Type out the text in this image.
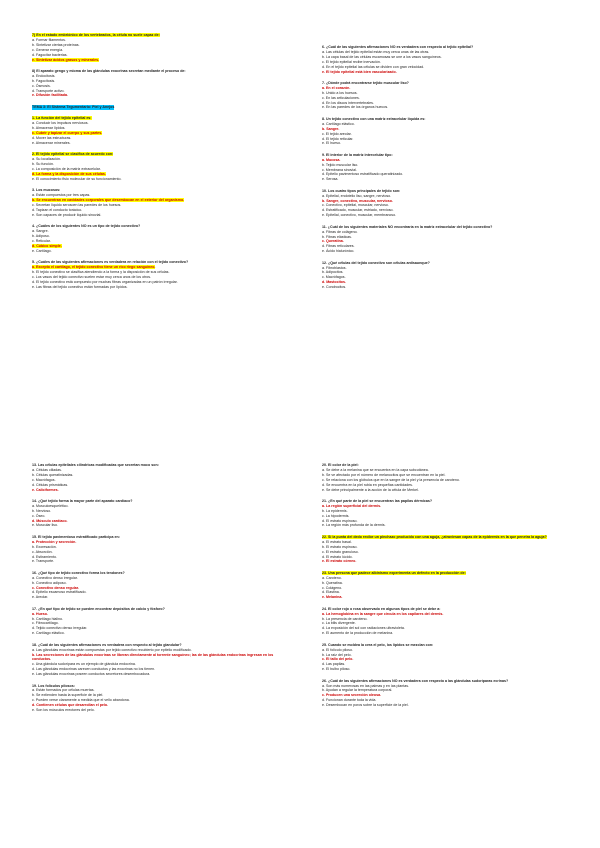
7) En el estado embriónico de los vertebrados, la célula no suele capaz de:
a. Formar filamentos.
b. Sintetizar ciertas proteínas.
c. Generar energía.
d. Fagocitar bacterias.
e. Sintetizar ácidos grasos y minerales.
8) El aparato gengo y mioma de las glándulas exocrinas secretan mediante el proceso de:
a. Endocitosis.
b. Fagocitosis.
c. Ósmosis.
d. Transporte activo.
e. Difusión facilitada.
TEMA 3: El Sistema Tegumentario: Piel y Anejos
1. La función del tejido epitelial es:
a. Conducir los impulsos nerviosos.
b. Almacenar lípidos.
c. Cubrir y tapizar el cuerpo y sus partes.
d. Mover las estructuras.
e. Almacenar minerales.
2. El tejido epitelial se clasifica de acuerdo con:
a. Su localización.
b. Su función.
c. La composición de la matriz extracelular.
d. La forma y la disposición de sus células.
e. El conocimiento fisio molecular de su funcionamiento.
3. Los mucosos:
a. Están compuestos por tres capas.
b. Se encuentran en cavidades corporales que desembocan en el exterior del organismo.
c. Secretan líquido serosoen las paredes de los huesos.
d. Tapizan el conducto torácico.
e. Son capaces de producir líquido sinovial.
4. ¿Cuáles de los siguientes NO es un tipo de tejido conectivo?
a. Sangre.
b. Adiposo.
c. Reticular.
d. Cúbico simple.
e. Cartílago.
5. ¿Cuáles de las siguientes afirmaciones es verdadera en relación con el tejido conectivo?
a. Excepto el cartílago, el tejido conectivo tiene un rico riego sanguíneo.
b. El tejido conectivo se clasifica atendiendo a la forma y la disposición de sus células.
c. Los vasos del tejido conectivo suelen estar muy cerca unos de los otros.
d. El tejido conectivo está compuesto por muchas fibras organizadas en un patrón irregular.
e. Las fibras del tejido conectivo están formadas por lípidos.
6. ¿Cuál de las siguientes afirmaciones NO es verdadera con respecto al tejido epitelial?
a. Las células del tejido epitelial están muy cerca unas de las otras.
b. La capa basal de las células escamosas se une a los vasos sanguíneos.
c. El tejido epitelial recibe inervación.
d. En el tejido epitelial las células se dividen con gran velocidad.
e. El tejido epitelial está bien vascularizado.
7. ¿Dónde podrá encontrarse tejido muscular liso?
a. En el corazón.
b. Unido a los huesos.
c. En las articulaciones.
d. En los discos intervertebrales.
e. En las paredes de los órganos huecos.
8. Un tejido conectivo con una matriz extracelular líquida es:
a. Cartílago elástico.
b. Sangre.
c. El tejido areolar.
d. El tejido reticular.
e. El hueso.
9. El interior de la matriz intercelular tipo:
a. Mucosa.
b. Tejido muscular liso.
c. Membrana sinovial.
d. Epitelio pavimentoso estratificado queratinizado.
e. Serosa.
10. Los cuatro tipos principales de tejido son:
a. Epitelial, endotelio liso, sangre, nervioso.
b. Sangre, conectivo, muscular, nervioso.
c. Conectivo, epitelial, muscular, nervioso.
d. Estratificado, muscular, estriado, nervioso.
e. Epitelial, conectivo, muscular, membranoso.
11. ¿Cuál de los siguientes materiales NO encontraría en la matriz extracelular del tejido conectivo?
a. Fibras de colágeno.
b. Fibras elásticas.
c. Queratina.
d. Fibras reticulares.
e. Ácido hialurónico.
12. ¿Qué células del tejido conectivo son células antisaunque?
a. Fibroblastos.
b. Adipocitos.
c. Macrófagos.
d. Mastocitos.
e. Condrocitos.
13. Las células epiteliales cilíndricas modificadas que secretan moco son:
a. Células ciliadas.
b. Células queratinizadas.
c. Macrófagos.
d. Células prismáticas.
e. Caliciformes.
14. ¿Qué tejido forma la mayor parte del aparato cardíaco?
a. Musculoesquelético.
b. Nervioso.
c. Óseo.
d. Músculo cardíaco.
e. Muscular liso.
15. El tejido pavimentoso estratificado participa en:
a. Protección y secreción.
b. Exoresación.
c. Absorción.
d. Estiramiento.
e. Transporte.
16. ¿Qué tipo de tejido conectivo forma los tendones?
a. Conectivo denso irregular.
b. Conectivo adiposo.
c. Conectivo denso regular.
d. Epitelio escamoso estratificado.
e. Areolar.
17. ¿En qué tipo de tejido se pueden encontrar depósitos de calcio y fósforo?
a. Hueso.
b. Cartílago hialino.
c. Fibrocartílago.
d. Tejido conectivo denso irregular.
e. Cartílago elástico.
18. ¿Cuál de las siguientes afirmaciones es verdadera con respecto al tejido glandular?
a. Las glándulas exocrinas están compuestas por tejido conectivo recubierto por epitelio modificado.
b. Las secreciones de las glándulas exocrinas se liberan directamente al torrente sanguíneo; las de las glándulas endocrinas ingresan en los conductos.
c. Una glándula sudorípara es un ejemplo de glándula endocrina.
d. Las glándulas endocrinas carecen conductos y las exocrinas no los tienen.
e. Las glándulas exocrinas poseen conductos secretores desembocadura.
19. Los folículos pilosos:
a. Están formados por células muertas.
b. Se extienden hasta la superficie de la piel.
c. Pueden verse claramente a medida que el vello abandona.
d. Contienen células que desarrollan el pelo.
e. Son los músculos erectores del pelo.
20. El color de la piel:
a. Se debe a la melanina que se encuentra en la capa subcutánea.
b. Se ve afectado por el número de melanocitos que se encuentran en la piel.
c. Se relaciona con los glóbulos que en la sangre de la piel y la presencia de caroteno.
d. Se encuentra en la piel rubia en pequeñas cantidades.
e. Se debe principalmente a la acción de la célula de Merkel.
21. ¿En qué parte de la piel se encuentran las papilas dérmicas?
a. La región superficial del dermis.
b. La epidermis.
c. La hipodermis.
d. El estrato espinoso.
e. La región más profunda de la dermis.
22. Si la punta del dedo recibe un pinchazo producido con una aguja, ¿atraviesan capas de la epidermis en la que penetra la aguja?
a. El estrato basal.
b. El estrato espinoso.
c. El estrato granuloso.
d. El estrato lúcido.
e. El estrato córneo.
23. Una persona que padece albinismo experimenta un defecto en la producción de:
a. Caroteno.
b. Queratina.
c. Colágeno.
d. Elastina.
e. Melanina.
24. El color rojo o rosa observado en algunos tipos de piel se debe a:
a. La hemoglobina en la sangre que circula en los capilares del dermis.
b. La presencia de caroteno.
c. La bilis divergente.
d. La exposición del sol con radiaciones ultravioleta.
e. El aumento de la producción de melanina.
25. Cuando se moldea la cera el pelo, los lípidos se mezclan con:
a. El folículo piloso.
b. La raíz del pelo.
c. El tallo del pelo.
d. Las papilas.
e. El bulbo piloso.
26. ¿Cuál de las siguientes afirmaciones NO es verdadera con respecto a las glándulas sudoríparas ecrinas?
a. Son más numerosas en las palmas y en las plantas.
b. Ayudan a regular la temperatura corporal.
c. Producen una secreción oleosa.
d. Funcionan durante toda la vida.
e. Desembocan en poros sobre la superficie de la piel.
